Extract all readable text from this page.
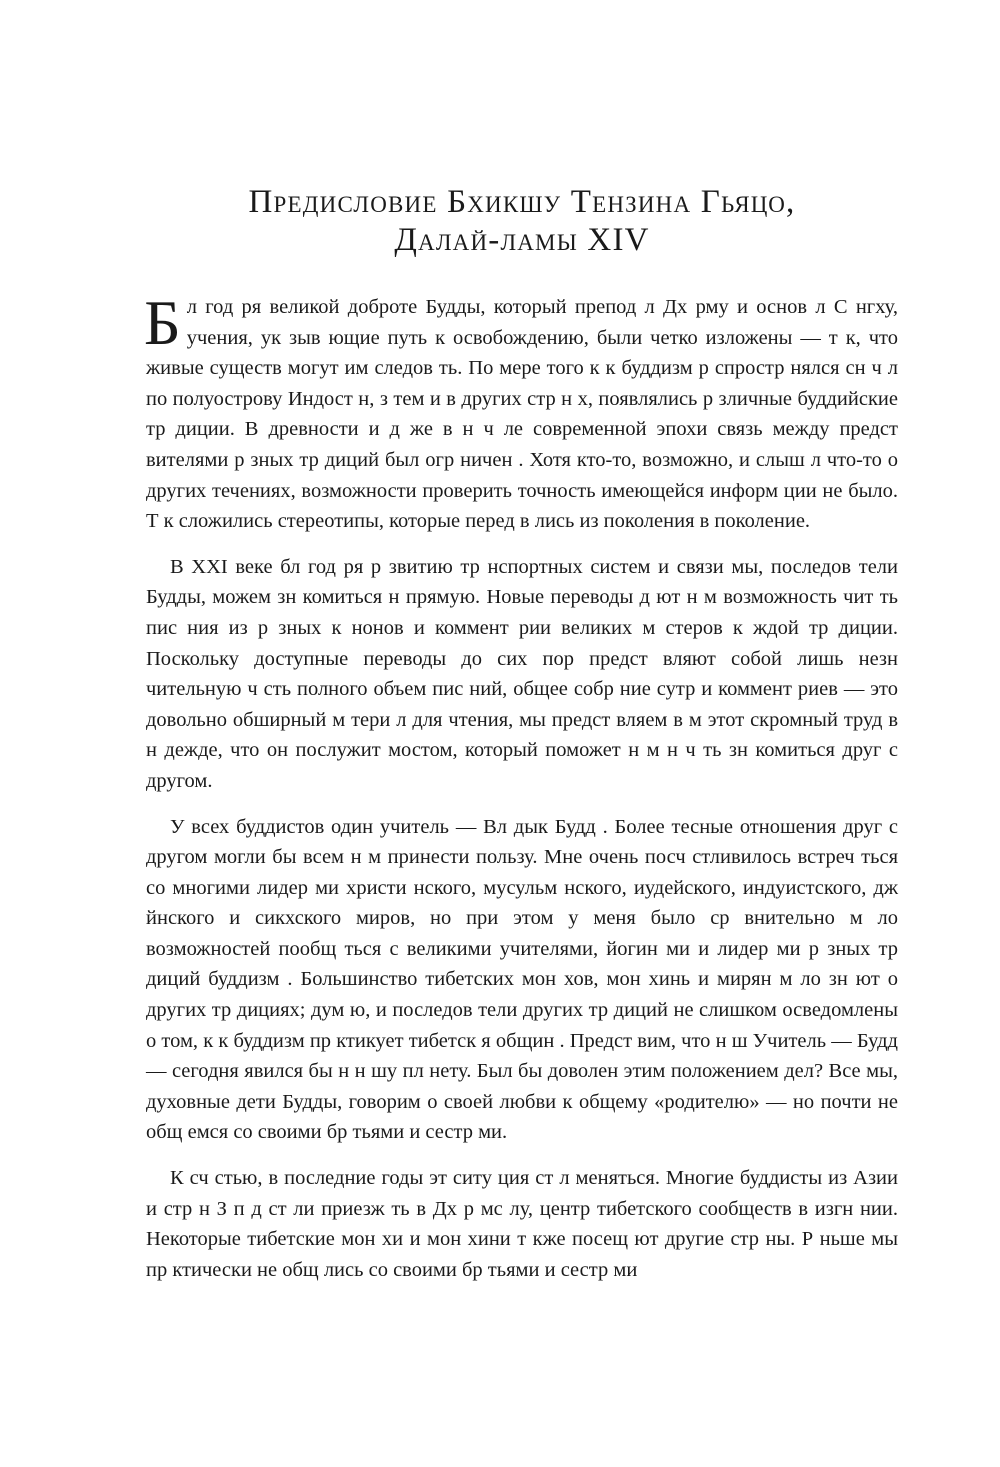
Предисловие Бхикшу Тензина Гьяцо,
Далай-ламы XIV

Бл год ря великой доброте Будды, который препод л Дх рму и основ л С нгху, учения, ук зыв ющие путь к освобождению, были четко изложены — т к, что живые существ могут им следов ть. По мере того к к буддизм р спростр нялся сн ч л по полуострову Индост н, з тем и в других стр н х, появлялись р зличные буддийские тр диции. В древности и д же в н ч ле современной эпохи связь между предст вителями р зных тр диций был огр ничен . Хотя кто-то, возможно, и слыш л что-то о других течениях, возможности проверить точность имеющейся информ ции не было. Т к сложились стереотипы, которые перед в лись из поколения в поколение.

В XXI веке бл год ря р звитию тр нспортных систем и связи мы, последов тели Будды, можем зн комиться н прямую. Новые переводы д ют н м возможность чит ть пис ния из р зных к нонов и коммент рии великих м стеров к ждой тр диции. Поскольку доступные переводы до сих пор предст вляют собой лишь незн чительную ч сть полного объем пис ний, общее собр ние сутр и коммент риев — это довольно обширный м тери л для чтения, мы предст вляем в м этот скромный труд в н дежде, что он послужит мостом, который поможет н м н ч ть зн комиться друг с другом.

У всех буддистов один учитель — Вл дык Будд . Более тесные отношения друг с другом могли бы всем н м принести пользу. Мне очень посч стливилось встреч ться со многими лидер ми христи нского, мусульм нского, иудейского, индуистского, дж йнского и сикхского миров, но при этом у меня было ср внительно м ло возможностей пообщ ться с великими учителями, йогин ми и лидер ми р зных тр диций буддизм . Большинство тибетских мон хов, мон хинь и мирян м ло зн ют о других тр дициях; дум ю, и последов тели других тр диций не слишком осведомлены о том, к к буддизм пр ктикует тибетск я общин . Предст вим, что н ш Учитель — Будд — сегодня явился бы н н шу пл нету. Был бы доволен этим положением дел? Все мы, духовные дети Будды, говорим о своей любви к общему «родителю» — но почти не общ емся со своими бр тьями и сестр ми.

К сч стью, в последние годы эт ситу ция ст л меняться. Многие буддисты из Азии и стр н З п д ст ли приезж ть в Дх р мс лу, центр тибетского сообществ в изгн нии. Некоторые тибетские мон хи и мон хини т кже посещ ют другие стр ны. Р ньше мы пр ктически не общ лись со своими бр тьями и сестр ми
